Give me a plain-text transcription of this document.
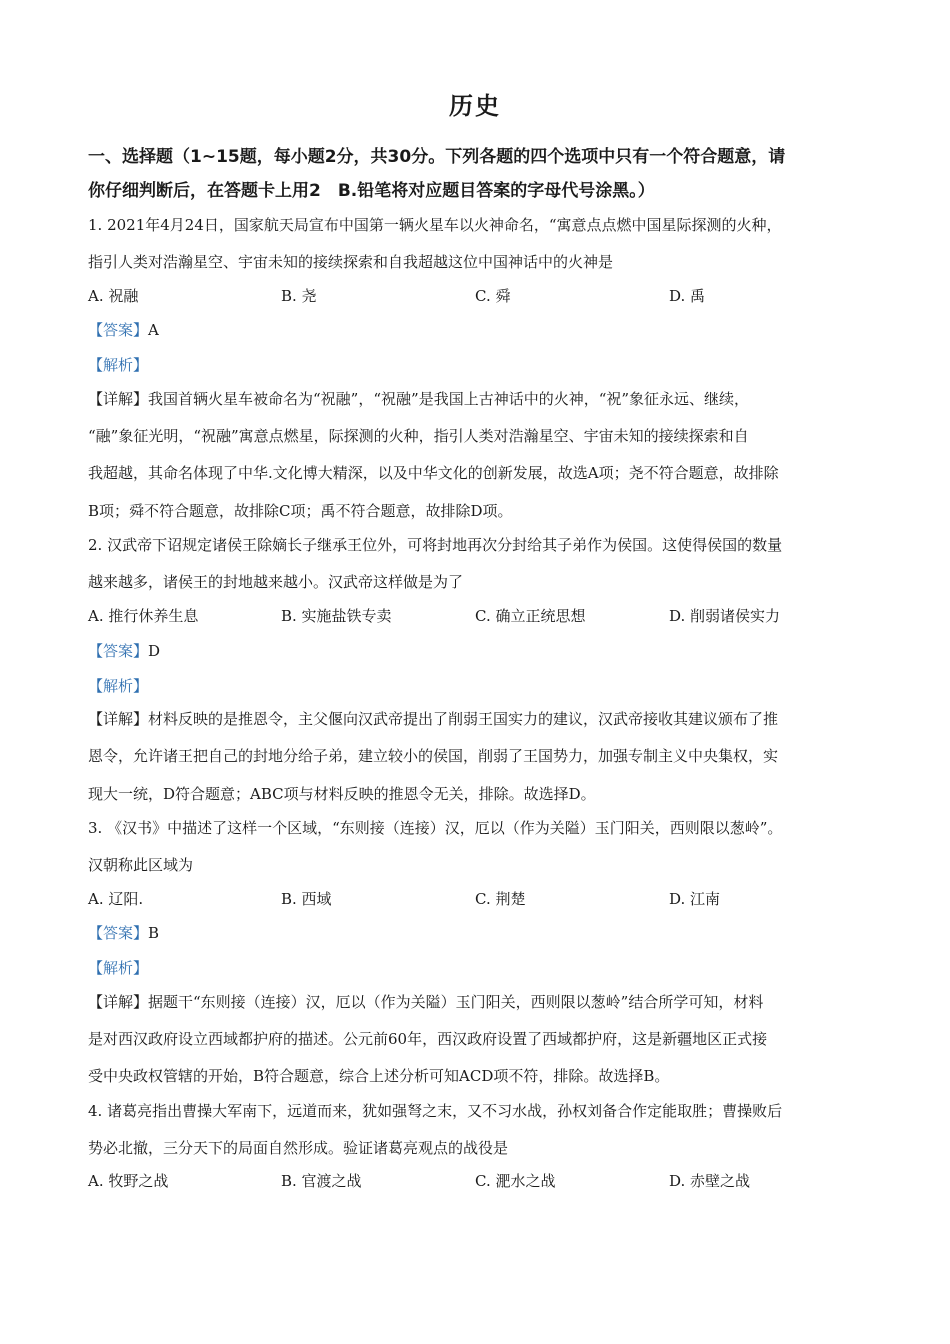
历史
一、选择题（1~15题，每小题2分，共30分。下列各题的四个选项中只有一个符合题意，请
你仔细判断后，在答题卡上用2　B.铅笔将对应题目答案的字母代号涂黑。）
1. 2021年4月24日，国家航天局宣布中国第一辆火星车以火神命名，“寓意点点燃中国星际探测的火种，
指引人类对浩瀚星空、宇宙未知的接续探索和自我超越这位中国神话中的火神是
A. 祝融	B. 尧	C. 舜	D. 禹
【答案】A
【解析】
【详解】我国首辆火星车被命名为“祝融”，“祝融”是我国上古神话中的火神，“祝”象征永远、继续，
“融”象征光明，“祝融”寓意点燃星，际探测的火种，指引人类对浩瀚星空、宇宙未知的接续探索和自
我超越，其命名体现了中华.文化博大精深，以及中华文化的创新发展，故选A项；尧不符合题意，故排除
B项；舜不符合题意，故排除C项；禹不符合题意，故排除D项。
2. 汉武帝下诏规定诸侯王除嫡长子继承王位外，可将封地再次分封给其子弟作为侯国。这使得侯国的数量
越来越多，诸侯王的封地越来越小。汉武帝这样做是为了
A. 推行休养生息	B. 实施盐铁专卖	C. 确立正统思想	D. 削弱诸侯实力
【答案】D
【解析】
【详解】材料反映的是推恩令，主父偃向汉武帝提出了削弱王国实力的建议，汉武帝接收其建议颁布了推
恩令，允许诸王把自己的封地分给子弟，建立较小的侯国，削弱了王国势力，加强专制主义中央集权，实
现大一统，D符合题意；ABC项与材料反映的推恩令无关，排除。故选择D。
3. 《汉书》中描述了这样一个区域，“东则接（连接）汉，厄以（作为关隘）玉门阳关，西则限以葱岭”。
汉朝称此区域为
A. 辽阳.	B. 西域	C. 荆楚	D. 江南
【答案】B
【解析】
【详解】据题干“东则接（连接）汉，厄以（作为关隘）玉门阳关，西则限以葱岭”结合所学可知，材料
是对西汉政府设立西域都护府的描述。公元前60年，西汉政府设置了西域都护府，这是新疆地区正式接
受中央政权管辖的开始，B符合题意，综合上述分析可知ACD项不符，排除。故选择B。
4. 诸葛亮指出曹操大军南下，远道而来，犹如强弩之末，又不习水战，孙权刘备合作定能取胜；曹操败后
势必北撤，三分天下的局面自然形成。验证诸葛亮观点的战役是
A. 牧野之战	B. 官渡之战	C. 淝水之战	D. 赤壁之战
